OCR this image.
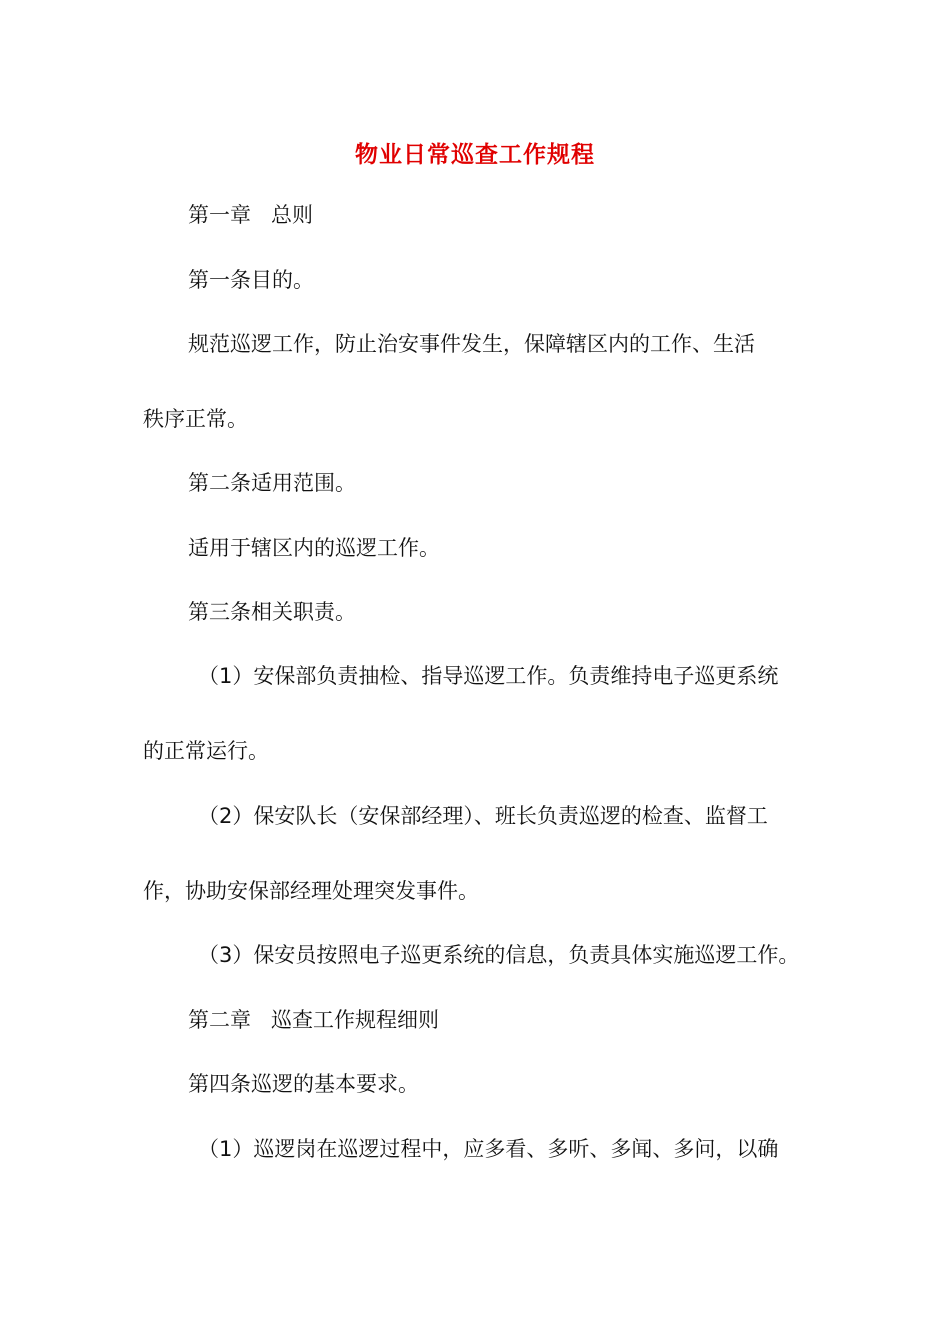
物业日常巡查工作规程
第一章 总则
第一条目的。
规范巡逻工作，防止治安事件发生，保障辖区内的工作、生活
秩序正常。
第二条适用范围。
适用于辖区内的巡逻工作。
第三条相关职责。
（1）安保部负责抽检、指导巡逻工作。负责维持电子巡更系统
的正常运行。
（2）保安队长（安保部经理）、班长负责巡逻的检查、监督工
作，协助安保部经理处理突发事件。
（3）保安员按照电子巡更系统的信息，负责具体实施巡逻工作。
第二章 巡查工作规程细则
第四条巡逻的基本要求。
（1）巡逻岗在巡逻过程中，应多看、多听、多闻、多问，以确
